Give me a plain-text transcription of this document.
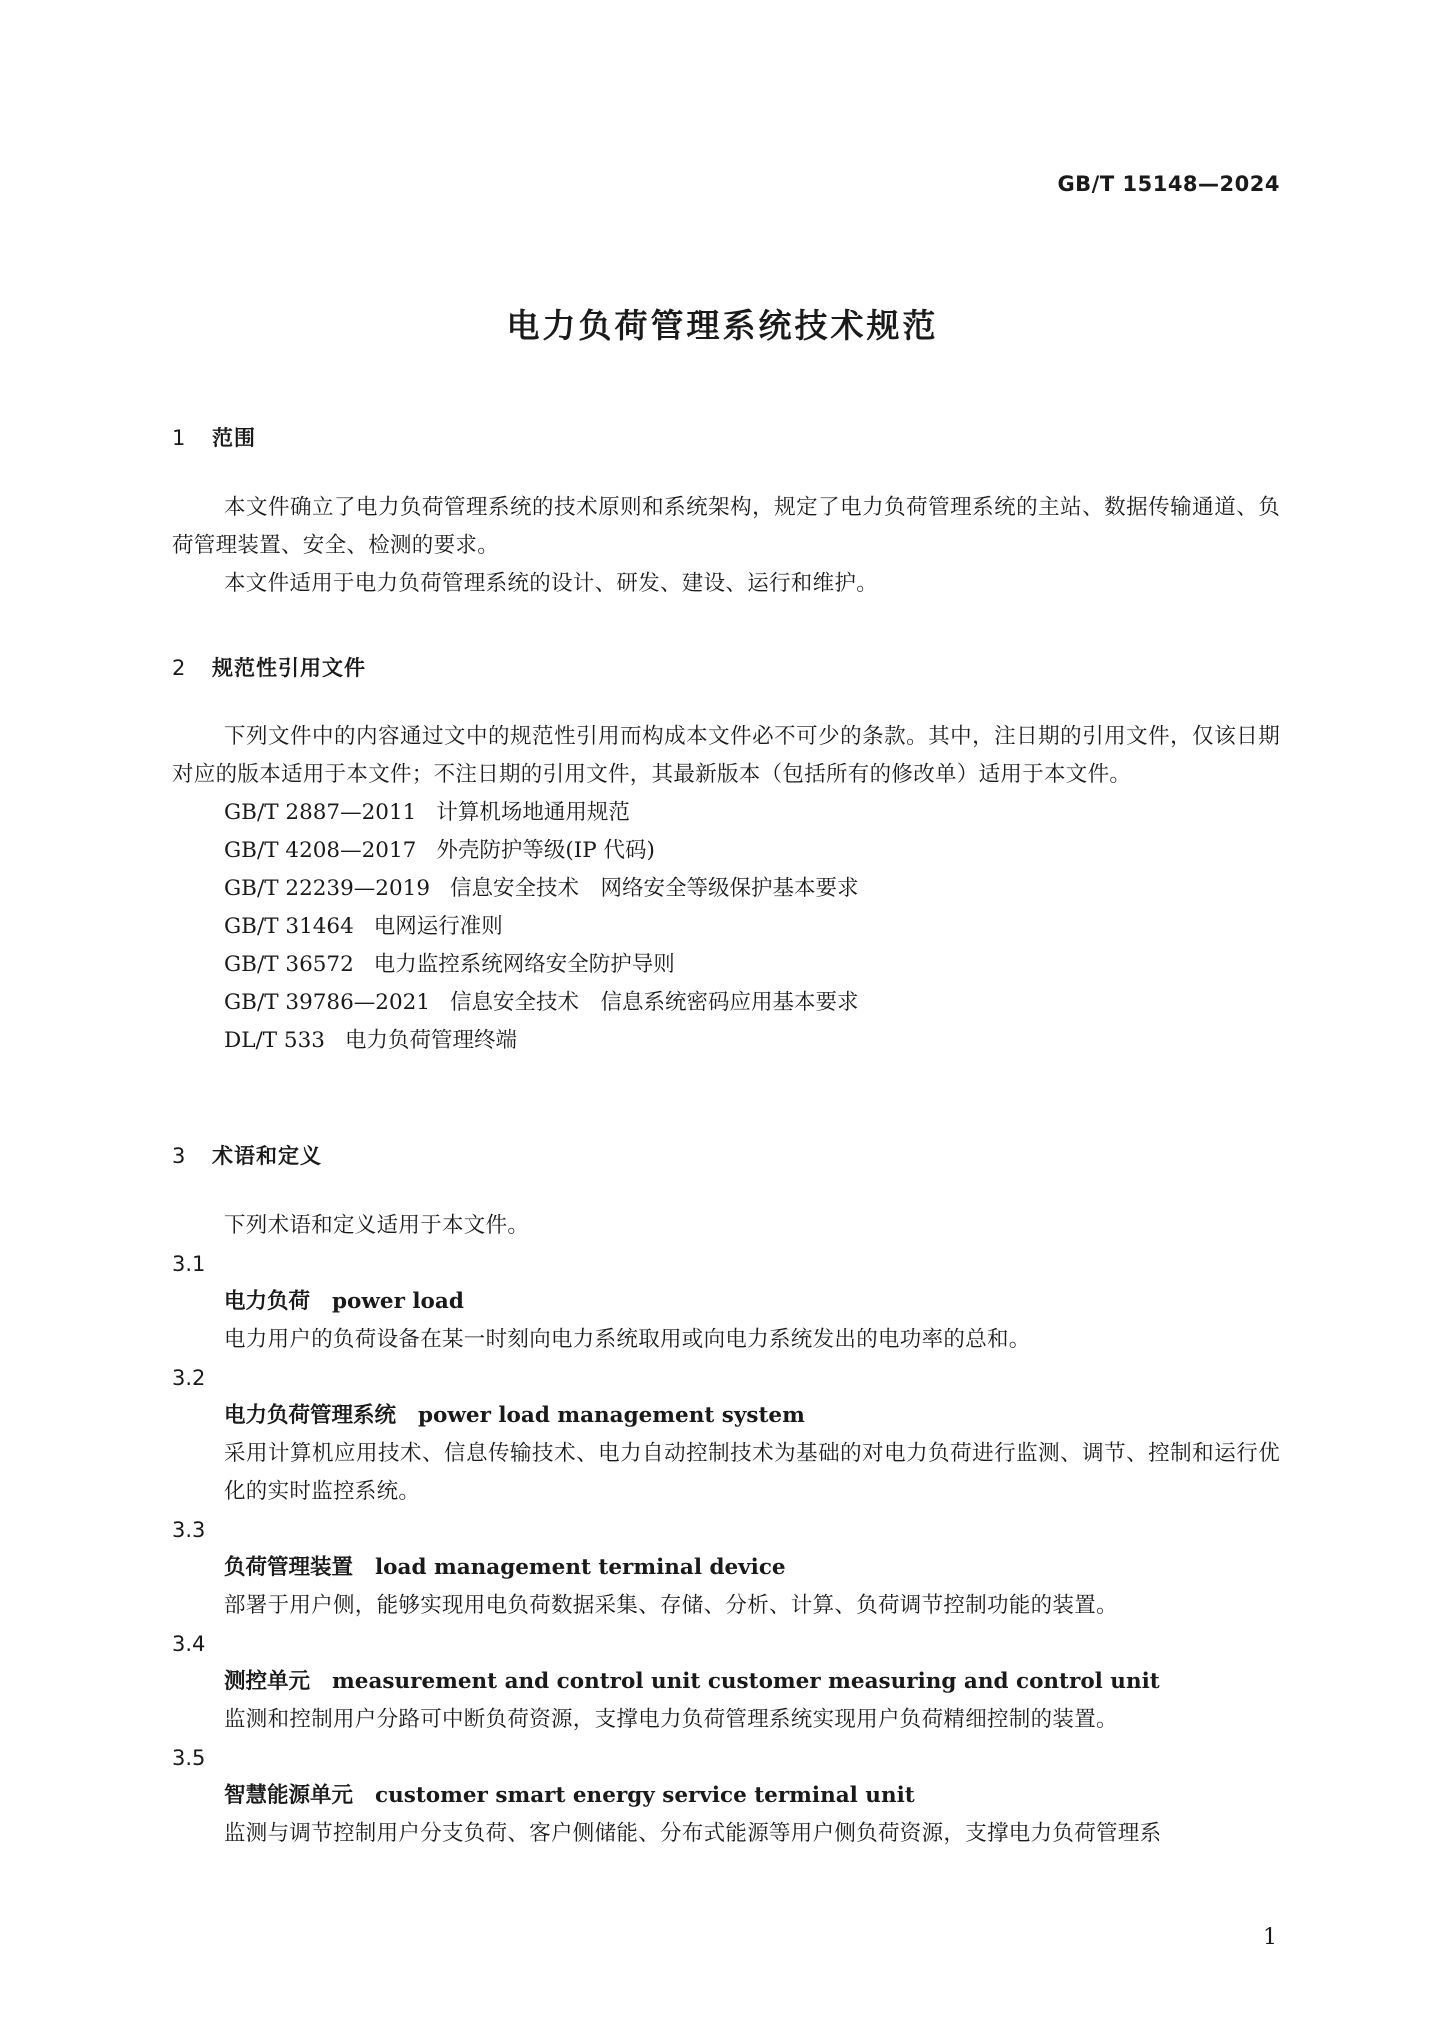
GB/T 15148—2024
电力负荷管理系统技术规范
1 范围
本文件确立了电力负荷管理系统的技术原则和系统架构，规定了电力负荷管理系统的主站、数据传输通道、负荷管理装置、安全、检测的要求。
本文件适用于电力负荷管理系统的设计、研发、建设、运行和维护。
2 规范性引用文件
下列文件中的内容通过文中的规范性引用而构成本文件必不可少的条款。其中，注日期的引用文件，仅该日期对应的版本适用于本文件；不注日期的引用文件，其最新版本（包括所有的修改单）适用于本文件。
GB/T 2887—2011 计算机场地通用规范
GB/T 4208—2017 外壳防护等级(IP 代码)
GB/T 22239—2019 信息安全技术　网络安全等级保护基本要求
GB/T 31464 电网运行准则
GB/T 36572 电力监控系统网络安全防护导则
GB/T 39786—2021 信息安全技术　信息系统密码应用基本要求
DL/T 533 电力负荷管理终端
3 术语和定义
下列术语和定义适用于本文件。
3.1
电力负荷 power load
电力用户的负荷设备在某一时刻向电力系统取用或向电力系统发出的电功率的总和。
3.2
电力负荷管理系统 power load management system
采用计算机应用技术、信息传输技术、电力自动控制技术为基础的对电力负荷进行监测、调节、控制和运行优化的实时监控系统。
3.3
负荷管理装置 load management terminal device
部署于用户侧，能够实现用电负荷数据采集、存储、分析、计算、负荷调节控制功能的装置。
3.4
测控单元 measurement and control unit customer measuring and control unit
监测和控制用户分路可中断负荷资源，支撑电力负荷管理系统实现用户负荷精细控制的装置。
3.5
智慧能源单元 customer smart energy service terminal unit
监测与调节控制用户分支负荷、客户侧储能、分布式能源等用户侧负荷资源，支撑电力负荷管理系
1
